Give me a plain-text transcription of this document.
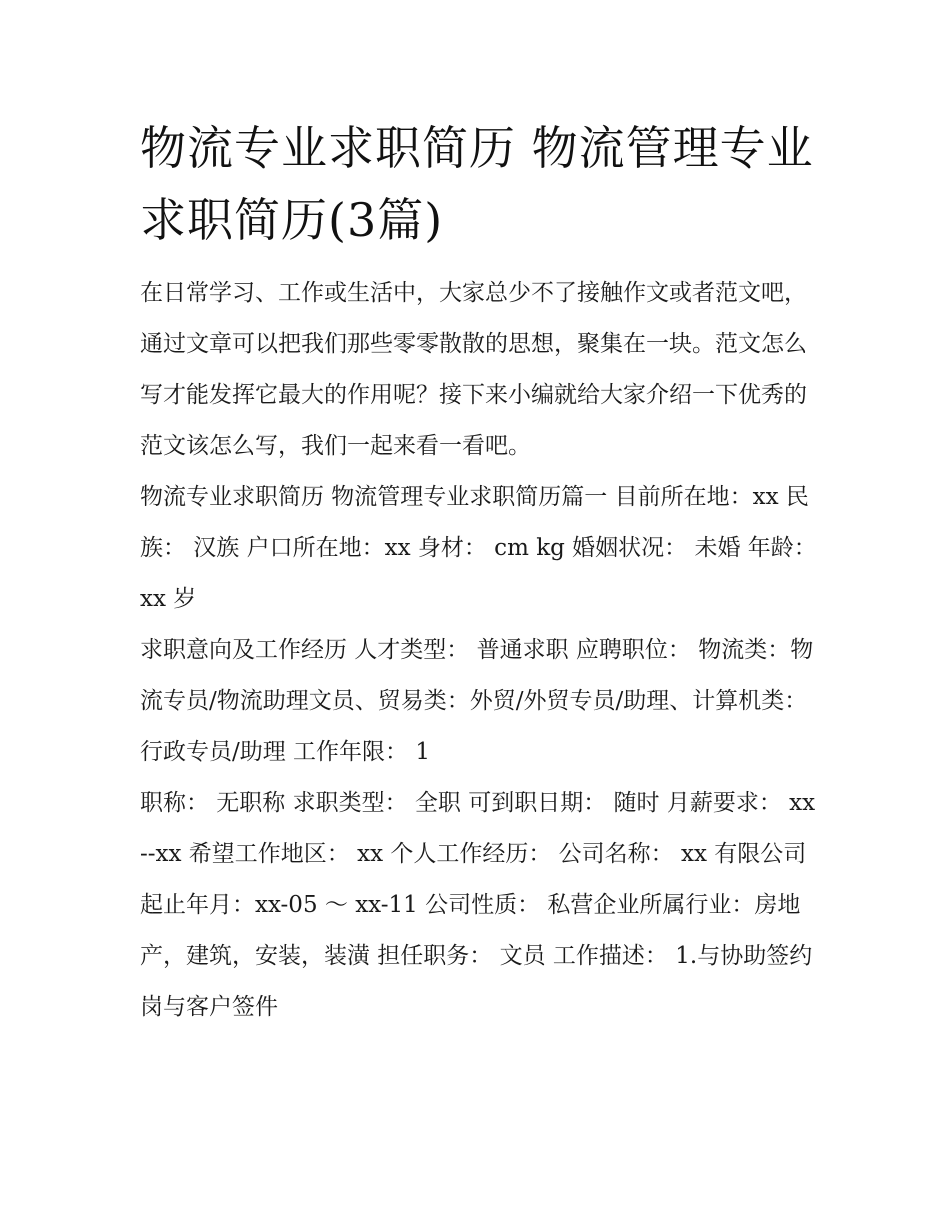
物流专业求职简历 物流管理专业求职简历(3篇)

在日常学习、工作或生活中，大家总少不了接触作文或者范文吧，通过文章可以把我们那些零零散散的思想，聚集在一块。范文怎么写才能发挥它最大的作用呢？接下来小编就给大家介绍一下优秀的范文该怎么写，我们一起来看一看吧。

物流专业求职简历 物流管理专业求职简历篇一 目前所在地：xx 民族： 汉族 户口所在地：xx 身材： cm kg 婚姻状况： 未婚 年龄： xx 岁

求职意向及工作经历 人才类型： 普通求职 应聘职位： 物流类：物流专员/物流助理文员、贸易类：外贸/外贸专员/助理、计算机类：行政专员/助理 工作年限： 1

职称： 无职称 求职类型： 全职 可到职日期： 随时 月薪要求： xx--xx 希望工作地区： xx 个人工作经历： 公司名称： xx 有限公司

起止年月：xx-05 ～ xx-11 公司性质： 私营企业所属行业：房地产，建筑，安装，装潢 担任职务： 文员 工作描述： 1.与协助签约岗与客户签件
